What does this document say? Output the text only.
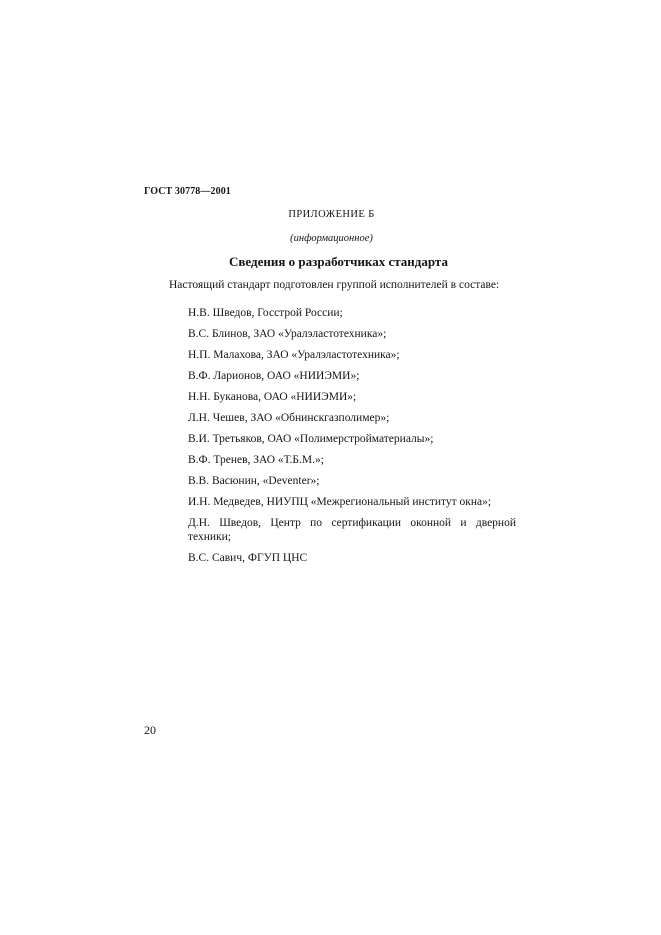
ГОСТ 30778—2001
ПРИЛОЖЕНИЕ Б
(информационное)
Сведения о разработчиках стандарта

Настоящий стандарт подготовлен группой исполнителей в составе:

Н.В. Шведов, Госстрой России;
В.С. Блинов, ЗАО «Уралэластотехника»;
Н.П. Малахова, ЗАО «Уралэластотехника»;
В.Ф. Ларионов, ОАО «НИИЭМИ»;
Н.Н. Буканова, ОАО «НИИЭМИ»;
Л.Н. Чешев, ЗАО «Обнинскгазполимер»;
В.И. Третьяков, ОАО «Полимерстройматериалы»;
В.Ф. Тренев, ЗАО «Т.Б.М.»;
В.В. Васюнин, «Deventer»;
И.Н. Медведев, НИУПЦ «Межрегиональный институт окна»;
Д.Н. Шведов, Центр по сертификации оконной и дверной техники;
В.С. Савич, ФГУП ЦНС
20
